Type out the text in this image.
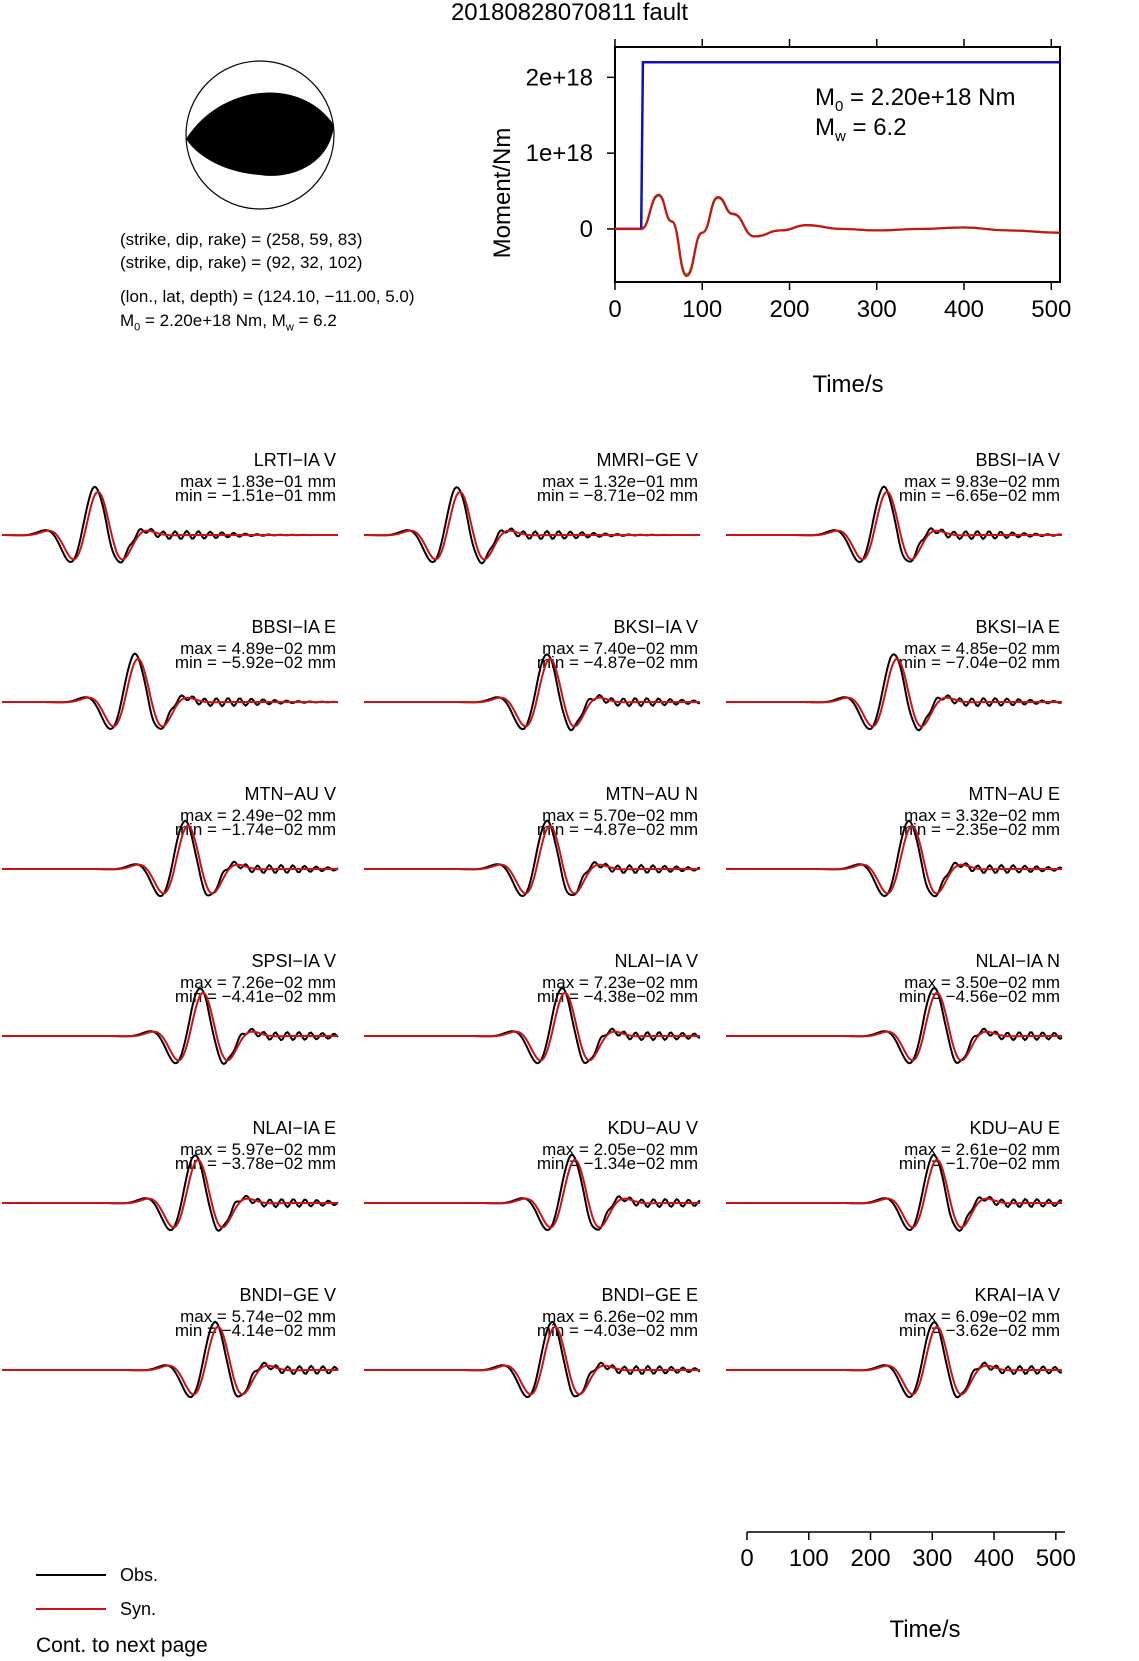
20180828070811 fault
(strike, dip, rake) = (258, 59, 83)
(strike, dip, rake) = (92, 32, 102)
(lon., lat, depth) = (124.10, −11.00, 5.0)
$M_0 = 2.20e+18$ Nm, $M_w = 6.2$	0	100 200 300 400 500
0
1e+18
2e+18
Time/s
Moment/Nm
$M_0 = 2.20e+18$ Nm
$M_w = 6.2$
LRTI−IA V
max = 1.83e−01 mm
min = −1.51e−01 mm
MMRI−GE V
max = 1.32e−01 mm
min = −8.71e−02 mm
BBSI−IA V
max = 9.83e−02 mm
min = −6.65e−02 mm
BBSI−IA E
max = 4.89e−02 mm
min = −5.92e−02 mm
BKSI−IA V
max = 7.40e−02 mm
min = −4.87e−02 mm
BKSI−IA E
max = 4.85e−02 mm
min = −7.04e−02 mm
MTN−AU V
max = 2.49e−02 mm
min = −1.74e−02 mm
MTN−AU N
max = 5.70e−02 mm
min = −4.87e−02 mm
MTN−AU E
max = 3.32e−02 mm
min = −2.35e−02 mm
SPSI−IA V
max = 7.26e−02 mm
min = −4.41e−02 mm
NLAI−IA V
max = 7.23e−02 mm
min = −4.38e−02 mm
NLAI−IA N
max = 3.50e−02 mm
min = −4.56e−02 mm
NLAI−IA E
max = 5.97e−02 mm
min = −3.78e−02 mm
KDU−AU V
max = 2.05e−02 mm
min = −1.34e−02 mm
KDU−AU E
max = 2.61e−02 mm
min = −1.70e−02 mm
BNDI−GE V
max = 5.74e−02 mm
min = −4.14e−02 mm
BNDI−GE E
max = 6.26e−02 mm
min = −4.03e−02 mm
KRAI−IA V
max = 6.09e−02 mm
min = −3.62e−02 mm
0 100 200 300 400 500
Time/s
Obs.
Syn.
Cont. to next page
